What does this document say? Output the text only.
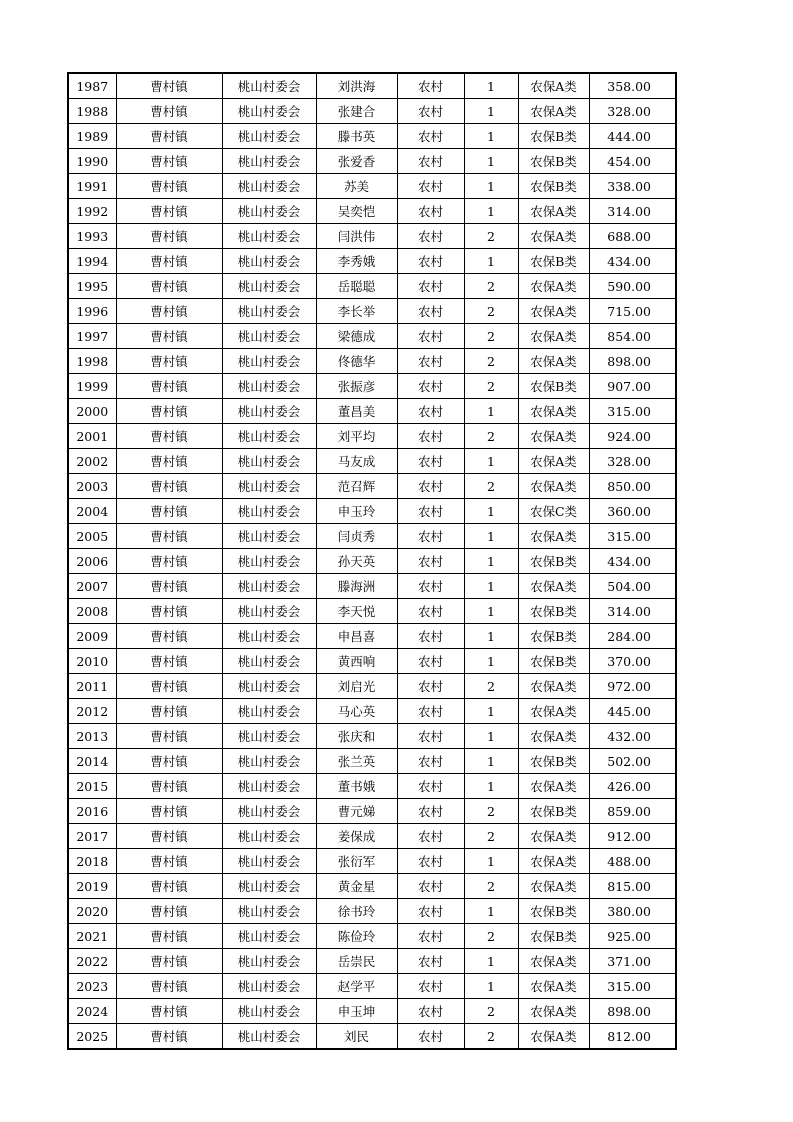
1987	曹村镇	桃山村委会	刘洪海	农村	1	农保A类	358.00
1988	曹村镇	桃山村委会	张建合	农村	1	农保A类	328.00
1989	曹村镇	桃山村委会	滕书英	农村	1	农保B类	444.00
1990	曹村镇	桃山村委会	张爱香	农村	1	农保B类	454.00
1991	曹村镇	桃山村委会	苏美	农村	1	农保B类	338.00
1992	曹村镇	桃山村委会	吴奕恺	农村	1	农保A类	314.00
1993	曹村镇	桃山村委会	闫洪伟	农村	2	农保A类	688.00
1994	曹村镇	桃山村委会	李秀娥	农村	1	农保B类	434.00
1995	曹村镇	桃山村委会	岳聪聪	农村	2	农保A类	590.00
1996	曹村镇	桃山村委会	李长举	农村	2	农保A类	715.00
1997	曹村镇	桃山村委会	梁德成	农村	2	农保A类	854.00
1998	曹村镇	桃山村委会	佟德华	农村	2	农保A类	898.00
1999	曹村镇	桃山村委会	张振彦	农村	2	农保B类	907.00
2000	曹村镇	桃山村委会	董昌美	农村	1	农保A类	315.00
2001	曹村镇	桃山村委会	刘平均	农村	2	农保A类	924.00
2002	曹村镇	桃山村委会	马友成	农村	1	农保A类	328.00
2003	曹村镇	桃山村委会	范召辉	农村	2	农保A类	850.00
2004	曹村镇	桃山村委会	申玉玲	农村	1	农保C类	360.00
2005	曹村镇	桃山村委会	闫贞秀	农村	1	农保A类	315.00
2006	曹村镇	桃山村委会	孙天英	农村	1	农保B类	434.00
2007	曹村镇	桃山村委会	滕海洲	农村	1	农保A类	504.00
2008	曹村镇	桃山村委会	李天悦	农村	1	农保B类	314.00
2009	曹村镇	桃山村委会	申昌喜	农村	1	农保B类	284.00
2010	曹村镇	桃山村委会	黄西响	农村	1	农保B类	370.00
2011	曹村镇	桃山村委会	刘启光	农村	2	农保A类	972.00
2012	曹村镇	桃山村委会	马心英	农村	1	农保A类	445.00
2013	曹村镇	桃山村委会	张庆和	农村	1	农保A类	432.00
2014	曹村镇	桃山村委会	张兰英	农村	1	农保B类	502.00
2015	曹村镇	桃山村委会	董书娥	农村	1	农保A类	426.00
2016	曹村镇	桃山村委会	曹元娣	农村	2	农保B类	859.00
2017	曹村镇	桃山村委会	姜保成	农村	2	农保A类	912.00
2018	曹村镇	桃山村委会	张衍军	农村	1	农保A类	488.00
2019	曹村镇	桃山村委会	黄金星	农村	2	农保A类	815.00
2020	曹村镇	桃山村委会	徐书玲	农村	1	农保B类	380.00
2021	曹村镇	桃山村委会	陈俭玲	农村	2	农保B类	925.00
2022	曹村镇	桃山村委会	岳崇民	农村	1	农保A类	371.00
2023	曹村镇	桃山村委会	赵学平	农村	1	农保A类	315.00
2024	曹村镇	桃山村委会	申玉坤	农村	2	农保A类	898.00
2025	曹村镇	桃山村委会	刘民	农村	2	农保A类	812.00
